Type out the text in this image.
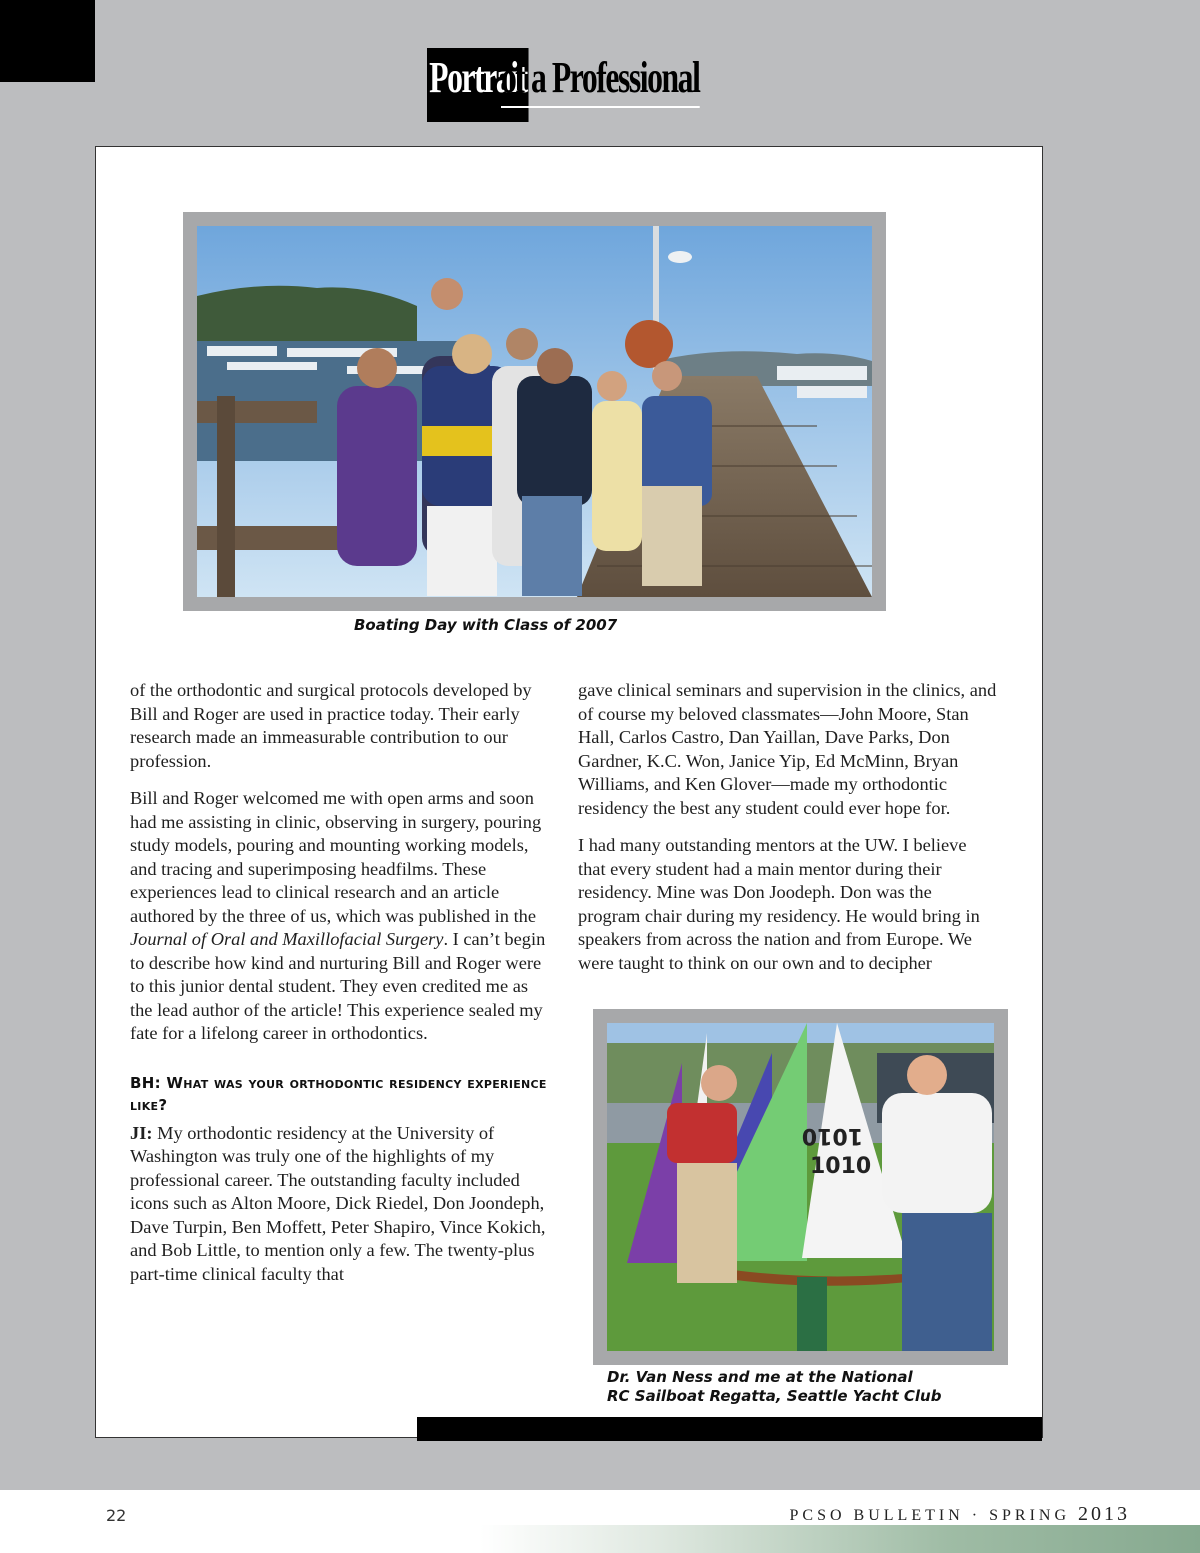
Portrait
of a Professional
Boating Day with Class of 2007

of the orthodontic and surgical protocols developed by Bill and Roger are used in practice today. Their early research made an immeasurable contribution to our profession.

Bill and Roger welcomed me with open arms and soon had me assisting in clinic, observing in surgery, pouring study models, pouring and mounting working models, and tracing and superimposing headfilms. These experiences lead to clinical research and an article authored by the three of us, which was published in the Journal of Oral and Maxillofacial Surgery. I can’t begin to describe how kind and nurturing Bill and Roger were to this junior dental student. They even credited me as the lead author of the article! This experience sealed my fate for a lifelong career in orthodontics.

BH: What was your orthodontic residency experience like?

JI: My orthodontic residency at the University of Washington was truly one of the highlights of my professional career. The outstanding faculty included icons such as Alton Moore, Dick Riedel, Don Joondeph, Dave Turpin, Ben Moffett, Peter Shapiro, Vince Kokich, and Bob Little, to mention only a few. The twenty-plus part-time clinical faculty that

gave clinical seminars and supervision in the clinics, and of course my beloved classmates—John Moore, Stan Hall, Carlos Castro, Dan Yaillan, Dave Parks, Don Gardner, K.C. Won, Janice Yip, Ed McMinn, Bryan Williams, and Ken Glover—made my orthodontic residency the best any student could ever hope for.

I had many outstanding mentors at the UW. I believe that every student had a main mentor during their residency. Mine was Don Joodeph. Don was the program chair during my residency. He would bring in speakers from across the nation and from Europe. We were taught to think on our own and to decipher

1010
1010
Dr. Van Ness and me at the National
RC Sailboat Regatta, Seattle Yacht Club
22	PCSO BULLETIN · SPRING 2013
